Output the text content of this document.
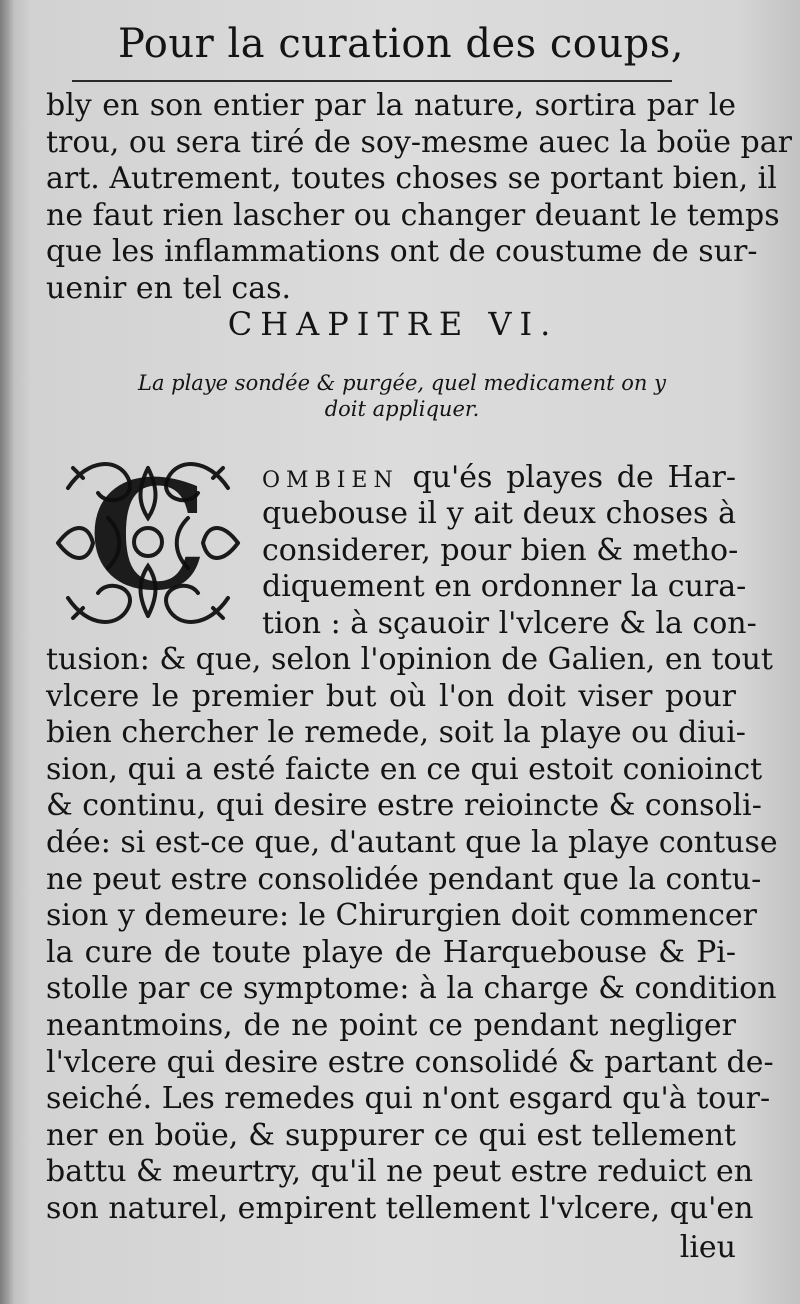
Pour la curation des coups,
bly en son entier par la nature, sortira par le
trou, ou sera tiré de soy-mesme auec la boüe par
art. Autrement, toutes choses se portant bien, il
ne faut rien lascher ou changer deuant le temps
que les inflammations ont de coustume de sur-
uenir en tel cas.
CHAPITRE VI.
La playe sondée & purgée, quel medicament on y
doit appliquer.
C OMBIEN qu'és playes de Har-
quebouse il y ait deux choses à
considerer, pour bien & metho-
diquement en ordonner la cura-
tion : à sçauoir l'vlcere & la con-
tusion: & que, selon l'opinion de Galien, en tout
vlcere le premier but où l'on doit viser pour
bien chercher le remede, soit la playe ou diui-
sion, qui a esté faicte en ce qui estoit conioinct
& continu, qui desire estre reioincte & consoli-
dée: si est-ce que, d'autant que la playe contuse
ne peut estre consolidée pendant que la contu-
sion y demeure: le Chirurgien doit commencer
la cure de toute playe de Harquebouse & Pi-
stolle par ce symptome: à la charge & condition
neantmoins, de ne point ce pendant negliger
l'vlcere qui desire estre consolidé & partant de-
seiché. Les remedes qui n'ont esgard qu'à tour-
ner en boüe, & suppurer ce qui est tellement
battu & meurtry, qu'il ne peut estre reduict en
son naturel, empirent tellement l'vlcere, qu'en
lieu
